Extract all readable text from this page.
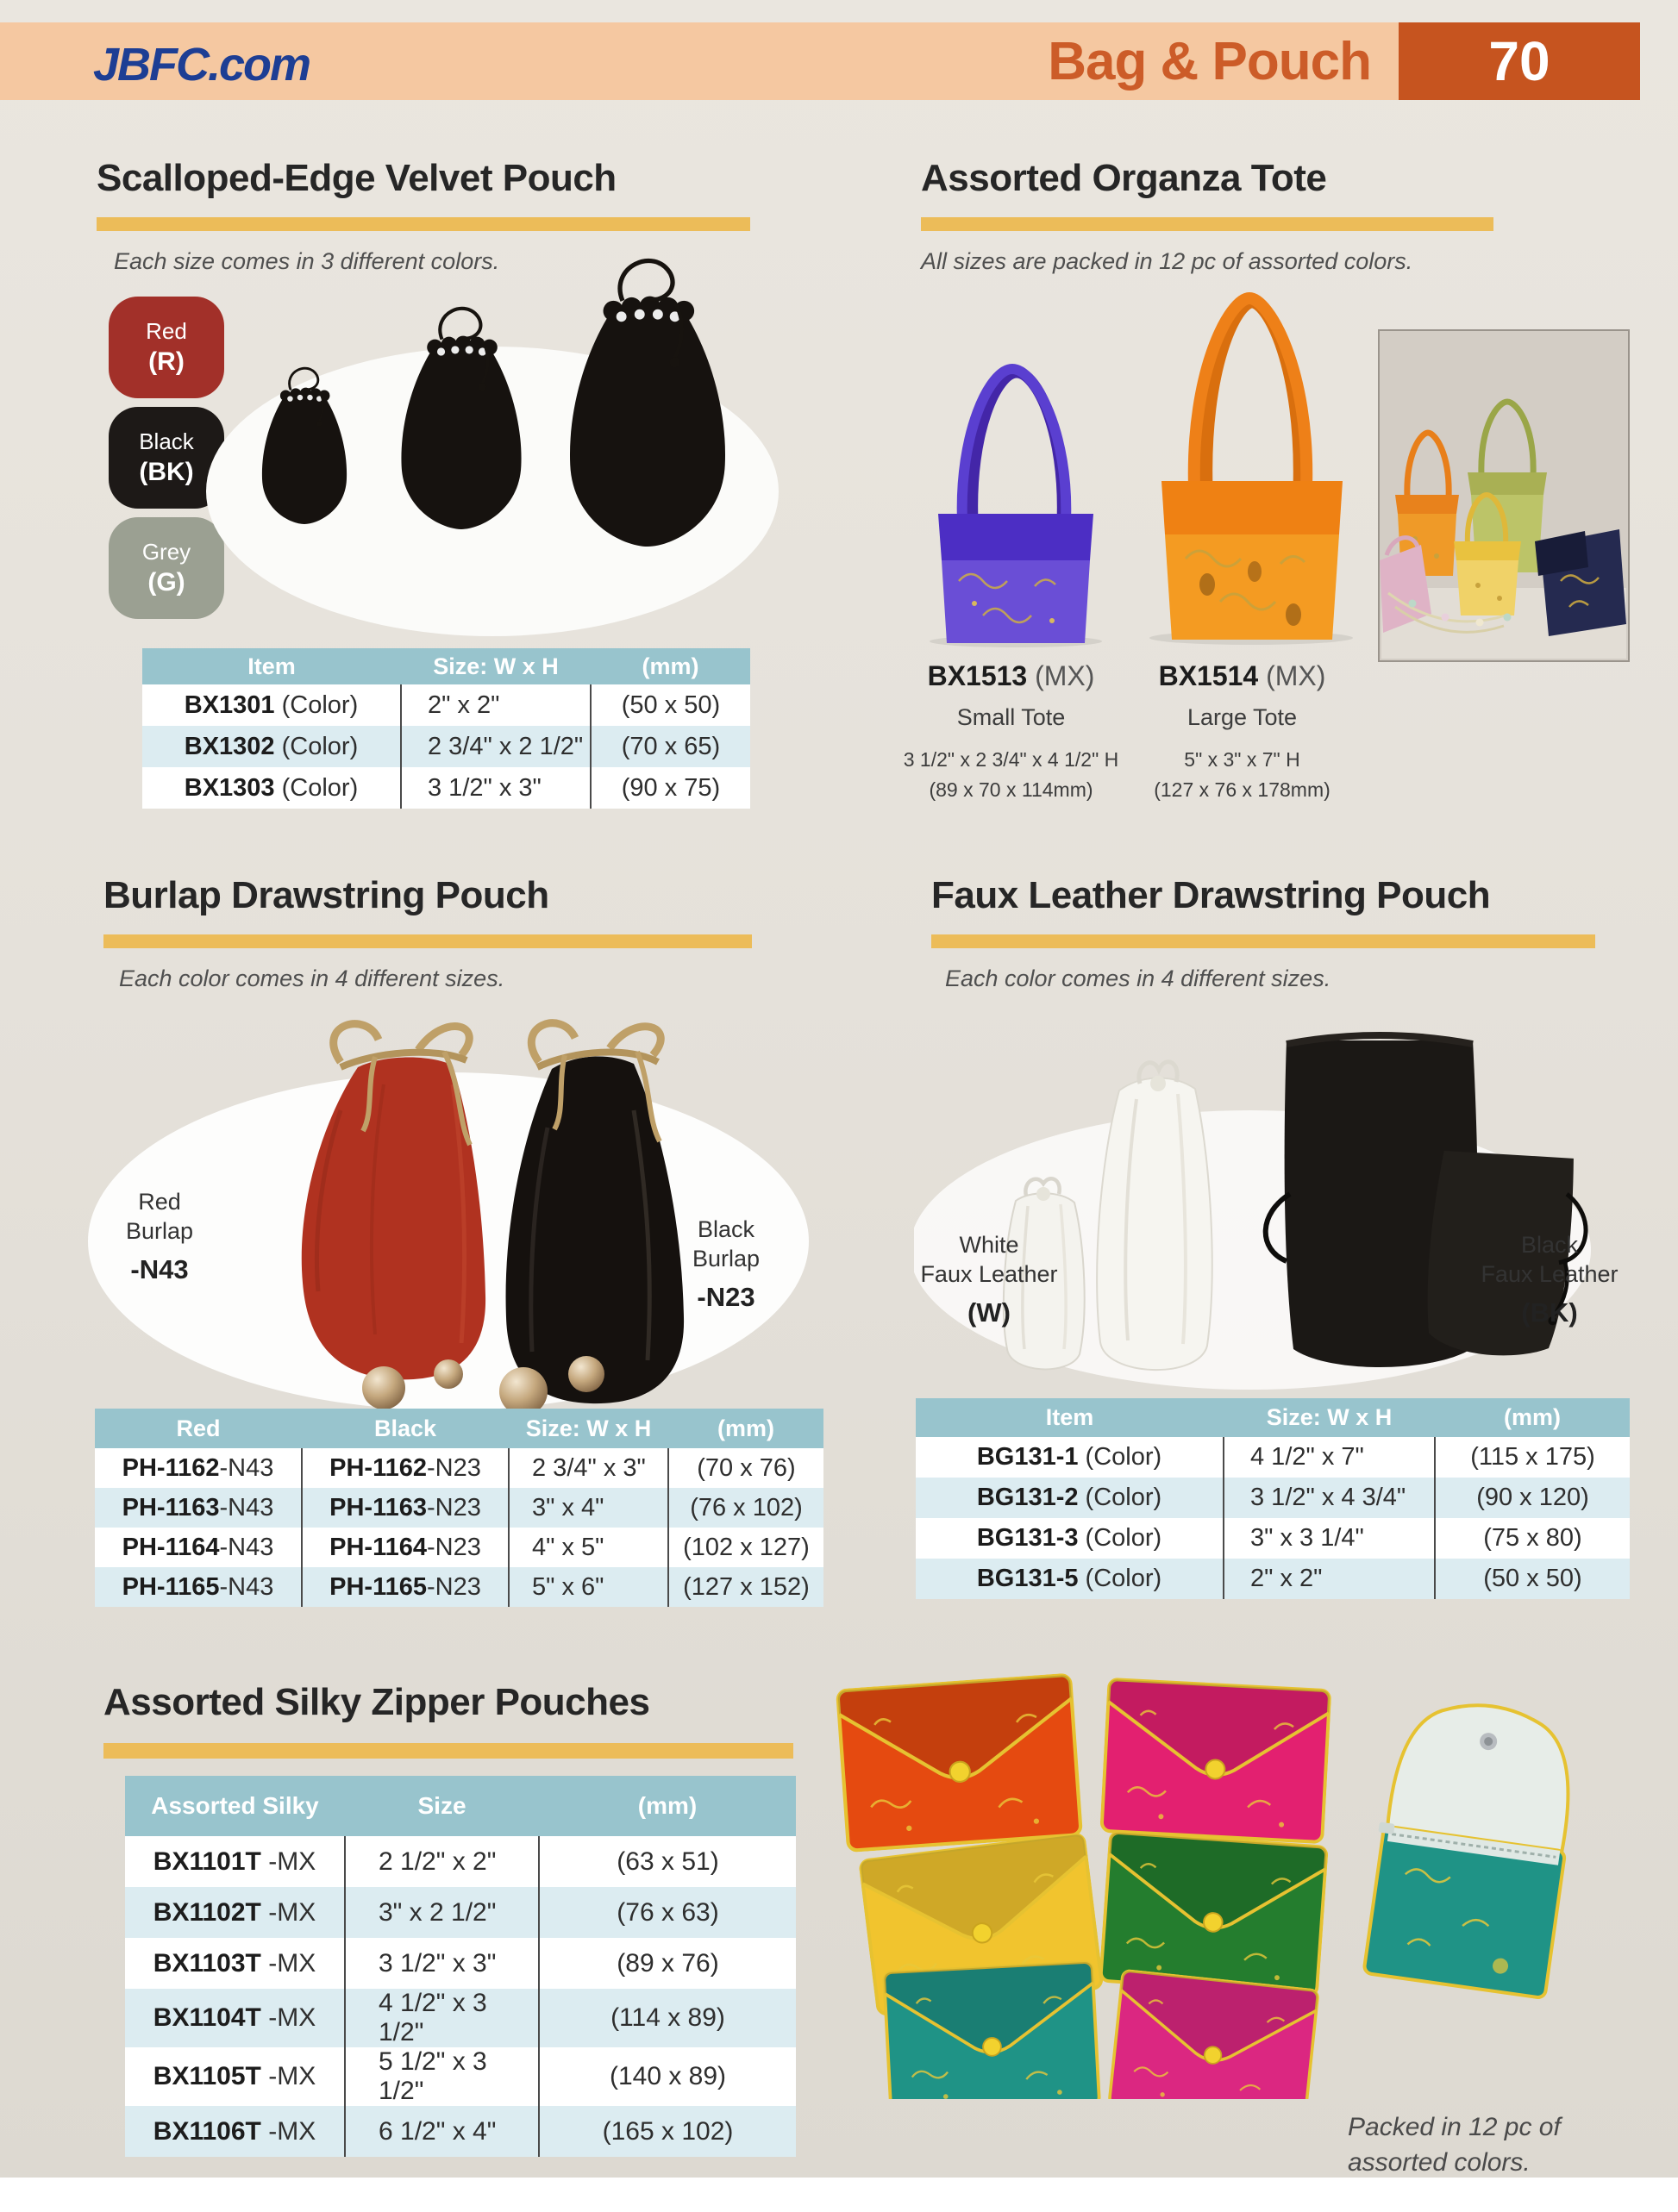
JBFC.com	Bag & Pouch	70
Scalloped-Edge Velvet Pouch
Each size comes in 3 different colors.
Red
(R)
Black
(BK)
Grey
(G)
Item	Size: W x H	(mm)
BX1301 (Color)	2" x 2"	(50 x 50)
BX1302 (Color)	2 3/4" x 2 1/2"	(70 x 65)
BX1303 (Color)	3 1/2" x 3"	(90 x 75)
Assorted Organza Tote
All sizes are packed in 12 pc of assorted colors.
BX1513 (MX)
Small Tote
3 1/2" x 2 3/4" x 4 1/2" H
(89 x 70 x 114mm)
BX1514 (MX)
Large Tote
5" x 3" x 7" H
(127 x 76 x 178mm)
Burlap Drawstring Pouch
Each color comes in 4 different sizes.
Red
Burlap
-N43
Black
Burlap
-N23
Red	Black	Size: W x H	(mm)
PH-1162-N43	PH-1162-N23	2 3/4" x 3"	(70 x 76)
PH-1163-N43	PH-1163-N23	3" x 4"	(76 x 102)
PH-1164-N43	PH-1164-N23	4" x 5"	(102 x 127)
PH-1165-N43	PH-1165-N23	5" x 6"	(127 x 152)
Faux Leather Drawstring Pouch
Each color comes in 4 different sizes.
White
Faux Leather
(W)
Black
Faux Leather
(BK)
Item	Size: W x H	(mm)
BG131-1 (Color)	4 1/2" x 7"	(115 x 175)
BG131-2 (Color)	3 1/2" x 4 3/4"	(90 x 120)
BG131-3 (Color)	3" x 3 1/4"	(75 x 80)
BG131-5 (Color)	2" x 2"	(50 x 50)
Assorted Silky Zipper Pouches
Assorted Silky	Size	(mm)
BX1101T -MX	2 1/2" x 2"	(63 x 51)
BX1102T -MX	3" x 2 1/2"	(76 x 63)
BX1103T -MX	3 1/2" x 3"	(89 x 76)
BX1104T -MX	4 1/2" x 3 1/2"	(114 x 89)
BX1105T -MX	5 1/2" x 3 1/2"	(140 x 89)
BX1106T -MX	6 1/2" x 4"	(165 x 102)	Packed in 12 pc of
assorted colors.
